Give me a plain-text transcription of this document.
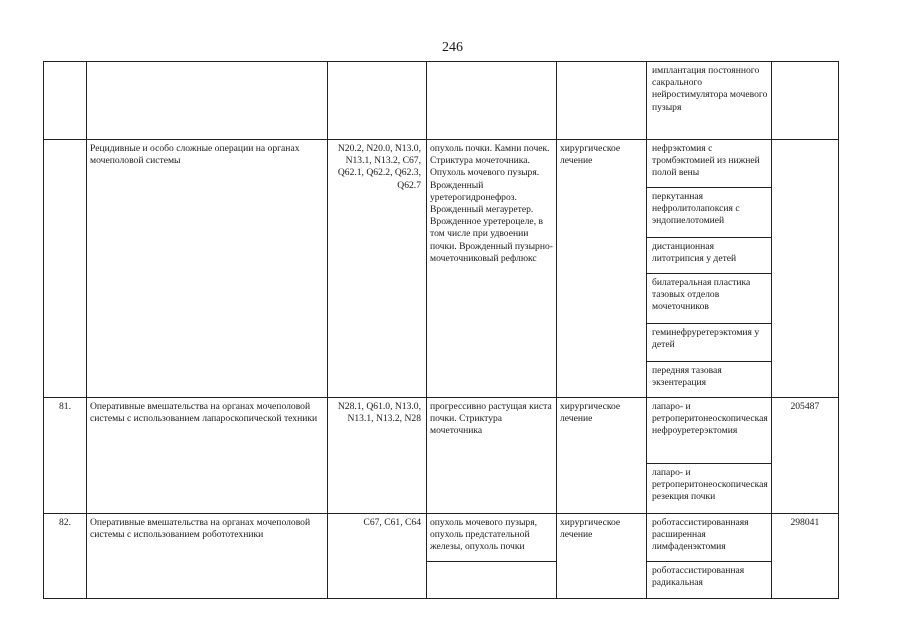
246
					имплантация постоянного сакрального нейростимулятора мочевого пузыря	
	Рецидивные и особо сложные операции на органах мочеполовой системы	N20.2, N20.0, N13.0, N13.1, N13.2, C67, Q62.1, Q62.2, Q62.3, Q62.7	опухоль почки. Камни почек. Стриктура мочеточника. Опухоль мочевого пузыря. Врожденный уретерогидронефроз. Врожденный мегауретер. Врожденное уретероцеле, в том числе при удвоении почки. Врожденный пузырно-мочеточниковый рефлюкс	хирургическое лечение	нефрэктомия с тромбэктомией из нижней полой вены	
					перкутанная нефролитолапоксия с эндопиелотомией	
					дистанционная литотрипсия у детей	
					билатеральная пластика тазовых отделов мочеточников	
					геминефруретерэктомия у детей	
					передняя тазовая экзентерация	
81.	Оперативные вмешательства на органах мочеполовой системы с использованием лапароскопической техники	N28.1, Q61.0, N13.0, N13.1, N13.2, N28	прогрессивно растущая киста почки. Стриктура мочеточника	хирургическое лечение	лапаро- и ретроперитонеоскопическая нефроуретерэктомия	205487
					лапаро- и ретроперитонеоскопическая резекция почки	
82.	Оперативные вмешательства на органах мочеполовой системы с использованием робототехники	C67, C61, C64	опухоль мочевого пузыря, опухоль предстательной железы, опухоль почки	хирургическое лечение	роботассистированнаяя расширенная лимфаденэктомия	298041
					роботассистированная радикальная	
